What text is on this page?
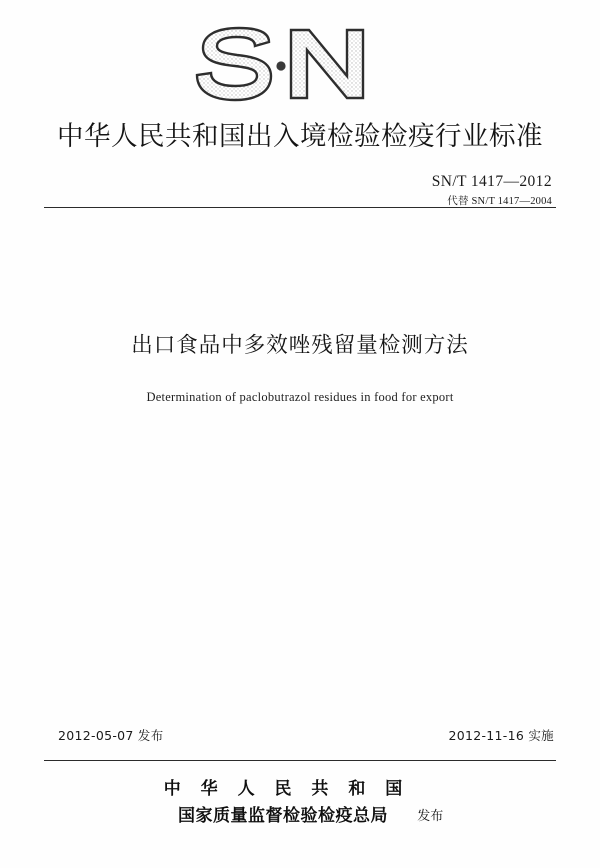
中华人民共和国出入境检验检疫行业标准
SN/T 1417—2012
代替 SN/T 1417—2004
出口食品中多效唑残留量检测方法
Determination of paclobutrazol residues in food for export
2012-05-07 发布	2012-11-16 实施
中 华 人 民 共 和 国
国家质量监督检验检疫总局	发布
